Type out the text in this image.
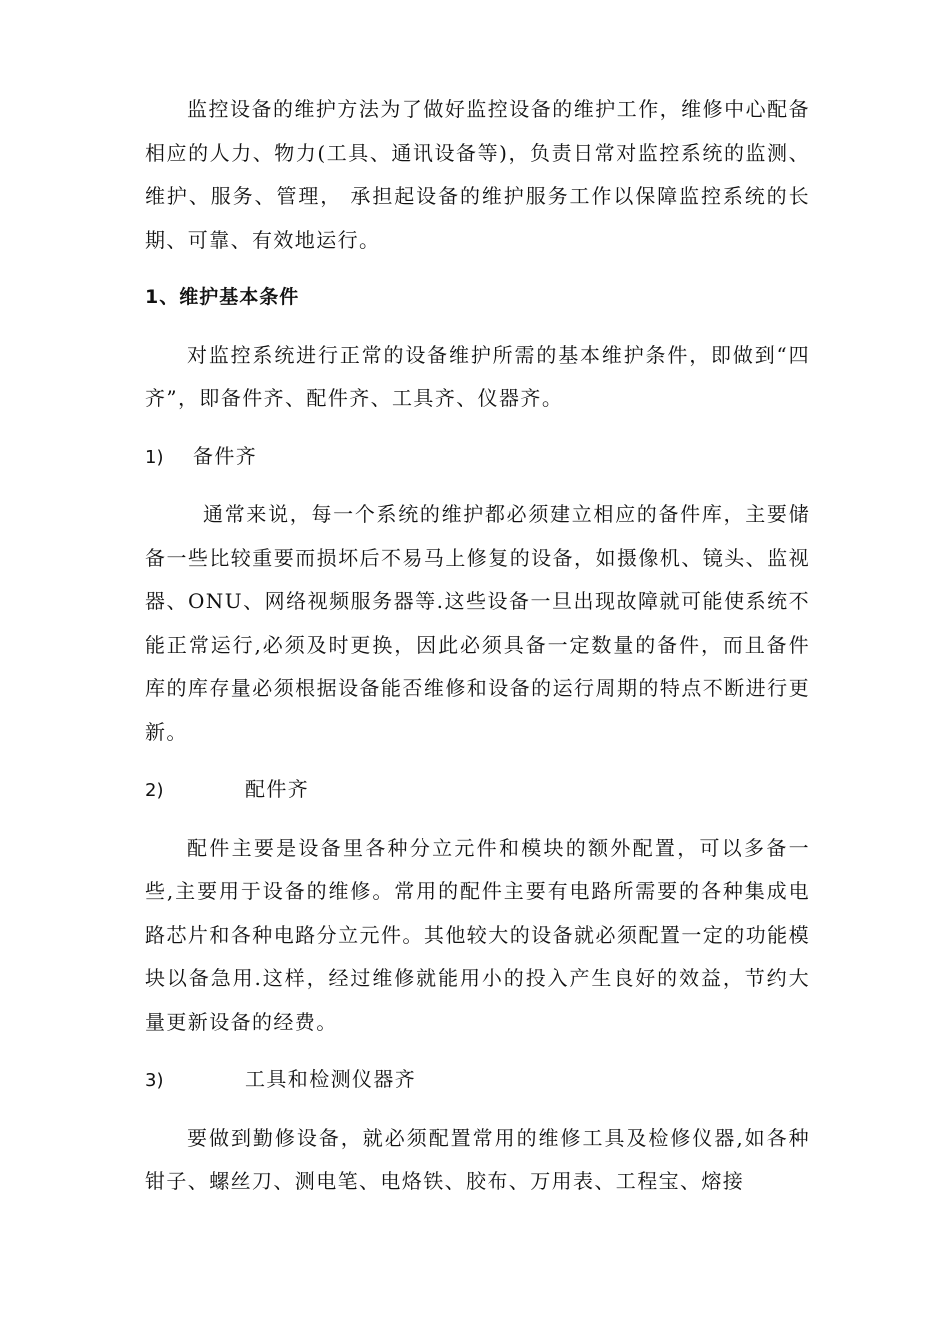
监控设备的维护方法为了做好监控设备的维护工作，维修中心配备相应的人力、物力(工具、通讯设备等)，负责日常对监控系统的监测、维护、服务、管理， 承担起设备的维护服务工作以保障监控系统的长期、可靠、有效地运行。

1、维护基本条件

对监控系统进行正常的设备维护所需的基本维护条件，即做到“四齐”，即备件齐、配件齐、工具齐、仪器齐。

1)	备件齐

通常来说，每一个系统的维护都必须建立相应的备件库，主要储备一些比较重要而损坏后不易马上修复的设备，如摄像机、镜头、监视器、ONU、网络视频服务器等.这些设备一旦出现故障就可能使系统不能正常运行,必须及时更换，因此必须具备一定数量的备件，而且备件库的库存量必须根据设备能否维修和设备的运行周期的特点不断进行更新。

2)	配件齐

配件主要是设备里各种分立元件和模块的额外配置，可以多备一些,主要用于设备的维修。常用的配件主要有电路所需要的各种集成电路芯片和各种电路分立元件。其他较大的设备就必须配置一定的功能模块以备急用.这样，经过维修就能用小的投入产生良好的效益，节约大量更新设备的经费。

3)	工具和检测仪器齐

要做到勤修设备，就必须配置常用的维修工具及检修仪器,如各种钳子、螺丝刀、测电笔、电烙铁、胶布、万用表、工程宝、熔接
